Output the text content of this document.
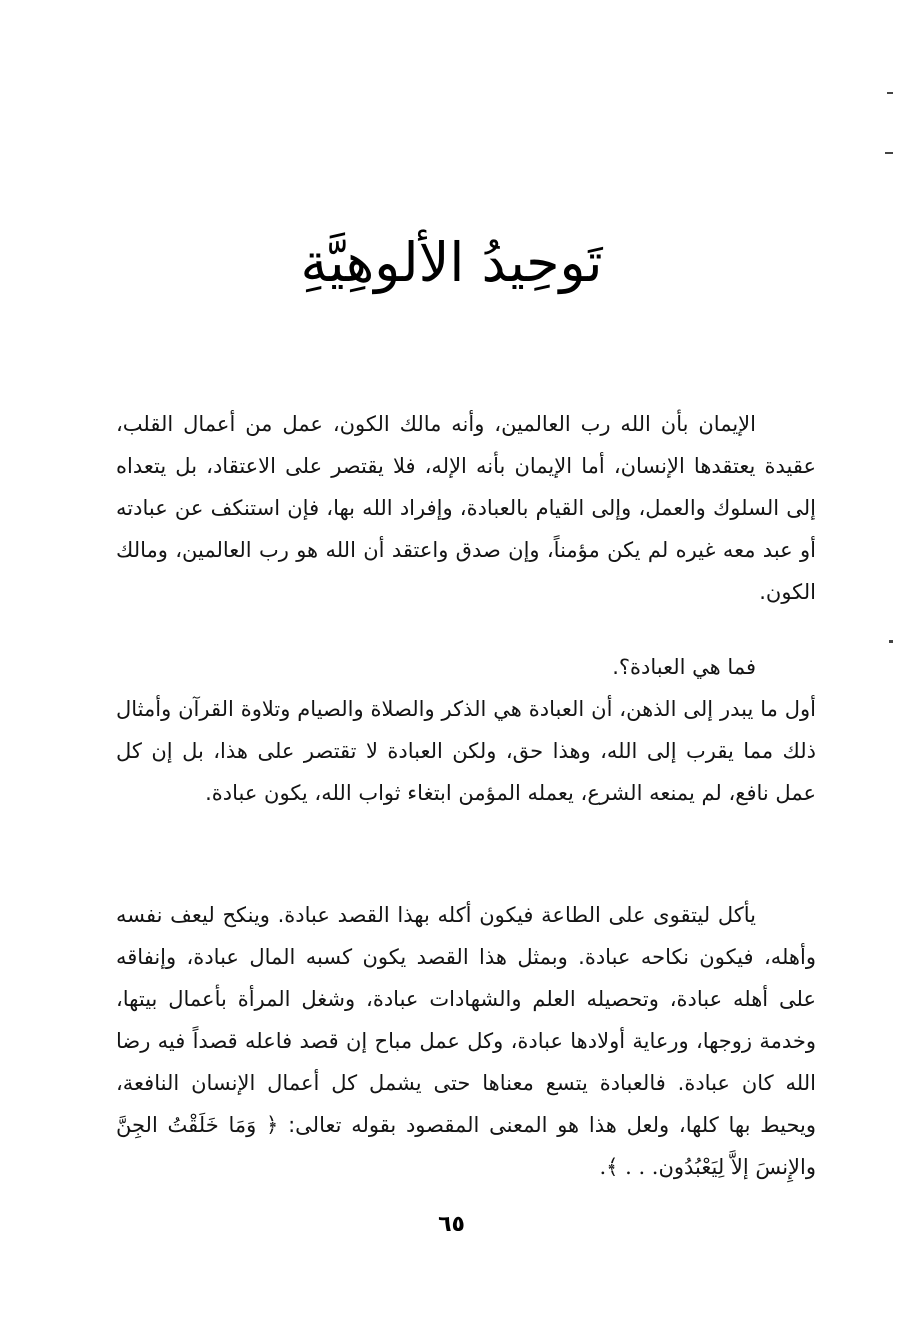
تَوحِيدُ الألوهِيَّةِ

الإيمان بأن الله رب العالمين، وأنه مالك الكون، عمل من أعمال القلب، عقيدة يعتقدها الإنسان، أما الإيمان بأنه الإله، فلا يقتصر على الاعتقاد، بل يتعداه إلى السلوك والعمل، وإلى القيام بالعبادة، وإفراد الله بها، فإن استنكف عن عبادته أو عبد معه غيره لم يكن مؤمناً، وإن صدق واعتقد أن الله هو رب العالمين، ومالك الكون.

فما هي العبادة؟.

أول ما يبدر إلى الذهن، أن العبادة هي الذكر والصلاة والصيام وتلاوة القرآن وأمثال ذلك مما يقرب إلى الله، وهذا حق، ولكن العبادة لا تقتصر على هذا، بل إن كل عمل نافع، لم يمنعه الشرع، يعمله المؤمن ابتغاء ثواب الله، يكون عبادة.

يأكل ليتقوى على الطاعة فيكون أكله بهذا القصد عبادة. وينكح ليعف نفسه وأهله، فيكون نكاحه عبادة. وبمثل هذا القصد يكون كسبه المال عبادة، وإنفاقه على أهله عبادة، وتحصيله العلم والشهادات عبادة، وشغل المرأة بأعمال بيتها، وخدمة زوجها، ورعاية أولادها عبادة، وكل عمل مباح إن قصد فاعله قصداً فيه رضا الله كان عبادة. فالعبادة يتسع معناها حتى يشمل كل أعمال الإنسان النافعة، ويحيط بها كلها، ولعل هذا هو المعنى المقصود بقوله تعالى: ﴿ وَمَا خَلَقْتُ الجِنَّ والإِنسَ إلاَّ لِيَعْبُدُون. . . ﴾.

٦٥
